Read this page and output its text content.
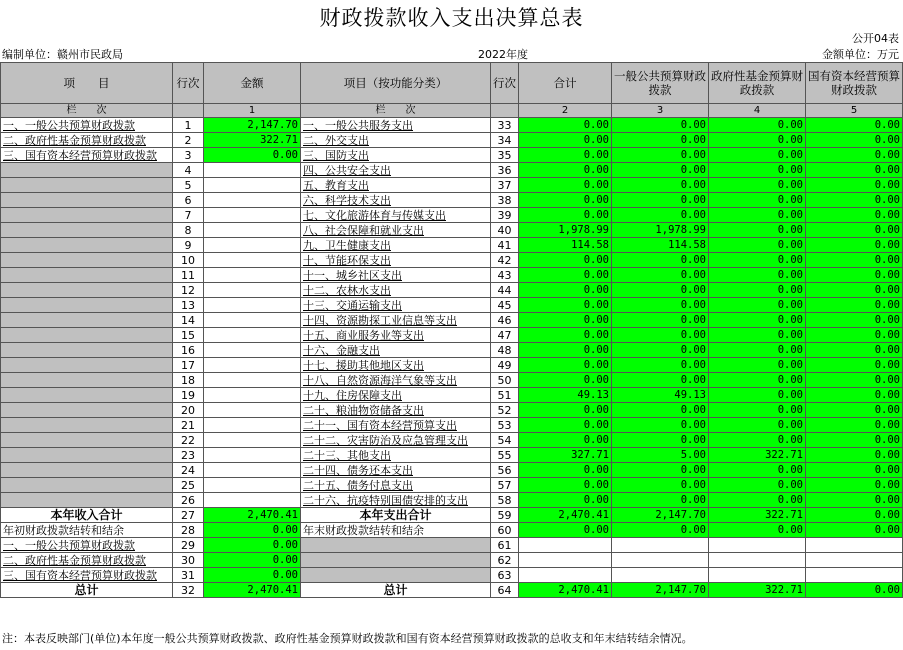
财政拨款收入支出决算总表
公开04表
编制单位：赣州市民政局	2022年度	金额单位：万元
项　　目	行次	金额	项目（按功能分类）	行次	合计	一般公共预算财政拨款	政府性基金预算财政拨款	国有资本经营预算财政拨款
栏　　次		1	栏　　次		2	3	4	5
一、一般公共预算财政拨款	1	2,147.70	一、一般公共服务支出	33	0.00	0.00	0.00	0.00
二、政府性基金预算财政拨款	2	322.71	二、外交支出	34	0.00	0.00	0.00	0.00
三、国有资本经营预算财政拨款	3	0.00	三、国防支出	35	0.00	0.00	0.00	0.00
	4		四、公共安全支出	36	0.00	0.00	0.00	0.00
	5		五、教育支出	37	0.00	0.00	0.00	0.00
	6		六、科学技术支出	38	0.00	0.00	0.00	0.00
	7		七、文化旅游体育与传媒支出	39	0.00	0.00	0.00	0.00
	8		八、社会保障和就业支出	40	1,978.99	1,978.99	0.00	0.00
	9		九、卫生健康支出	41	114.58	114.58	0.00	0.00
	10		十、节能环保支出	42	0.00	0.00	0.00	0.00
	11		十一、城乡社区支出	43	0.00	0.00	0.00	0.00
	12		十二、农林水支出	44	0.00	0.00	0.00	0.00
	13		十三、交通运输支出	45	0.00	0.00	0.00	0.00
	14		十四、资源勘探工业信息等支出	46	0.00	0.00	0.00	0.00
	15		十五、商业服务业等支出	47	0.00	0.00	0.00	0.00
	16		十六、金融支出	48	0.00	0.00	0.00	0.00
	17		十七、援助其他地区支出	49	0.00	0.00	0.00	0.00
	18		十八、自然资源海洋气象等支出	50	0.00	0.00	0.00	0.00
	19		十九、住房保障支出	51	49.13	49.13	0.00	0.00
	20		二十、粮油物资储备支出	52	0.00	0.00	0.00	0.00
	21		二十一、国有资本经营预算支出	53	0.00	0.00	0.00	0.00
	22		二十二、灾害防治及应急管理支出	54	0.00	0.00	0.00	0.00
	23		二十三、其他支出	55	327.71	5.00	322.71	0.00
	24		二十四、债务还本支出	56	0.00	0.00	0.00	0.00
	25		二十五、债务付息支出	57	0.00	0.00	0.00	0.00
	26		二十六、抗疫特别国债安排的支出	58	0.00	0.00	0.00	0.00
本年收入合计	27	2,470.41	本年支出合计	59	2,470.41	2,147.70	322.71	0.00
年初财政拨款结转和结余	28	0.00	年末财政拨款结转和结余	60	0.00	0.00	0.00	0.00
一、一般公共预算财政拨款	29	0.00		61				
二、政府性基金预算财政拨款	30	0.00		62				
三、国有资本经营预算财政拨款	31	0.00		63				
总计	32	2,470.41	总计	64	2,470.41	2,147.70	322.71	0.00
注：本表反映部门(单位)本年度一般公共预算财政拨款、政府性基金预算财政拨款和国有资本经营预算财政拨款的总收支和年末结转结余情况。
